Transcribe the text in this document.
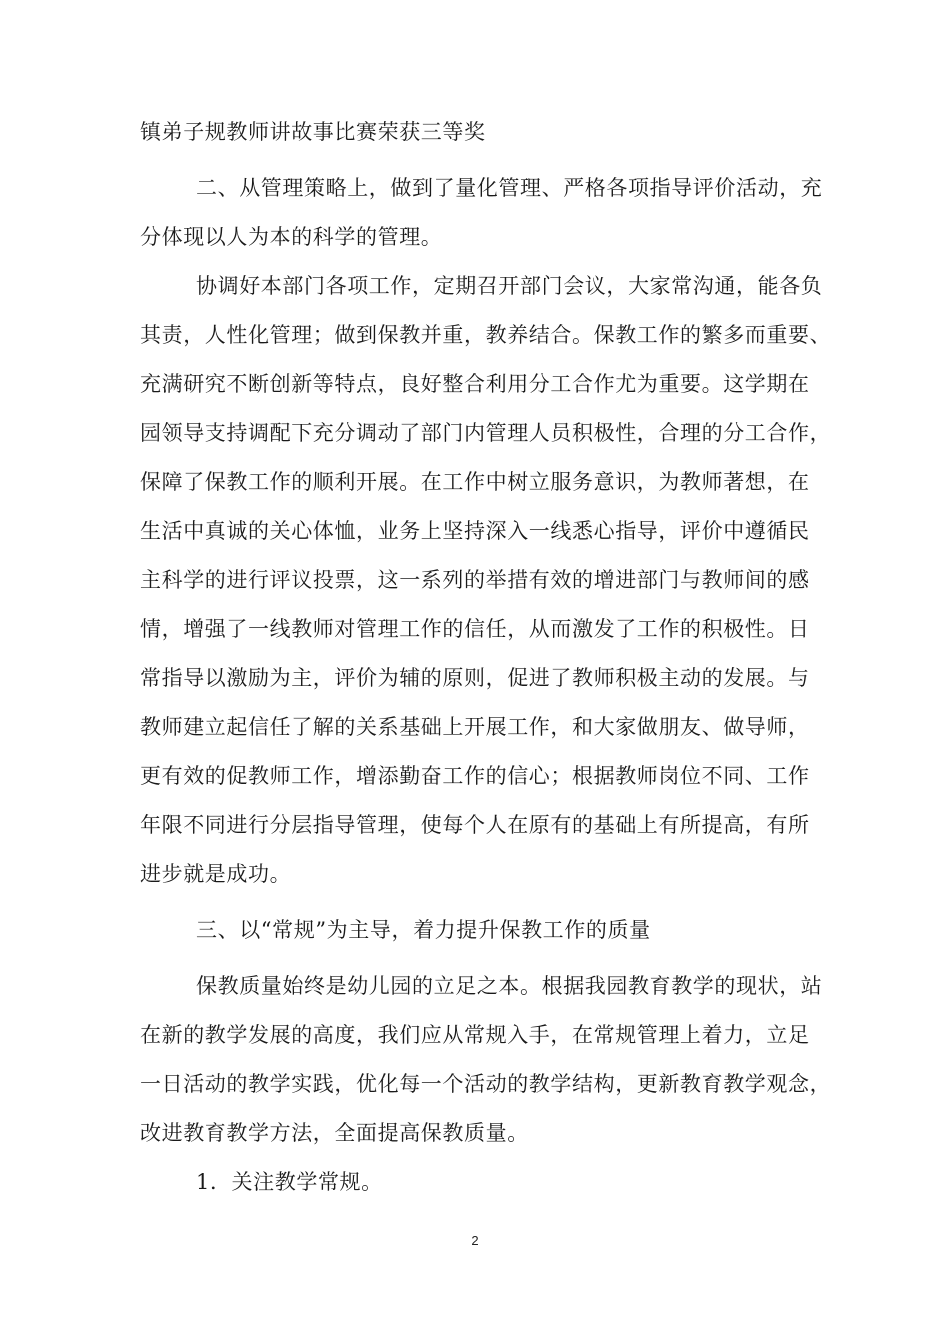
镇弟子规教师讲故事比赛荣获三等奖
二、从管理策略上，做到了量化管理、严格各项指导评价活动，充
分体现以人为本的科学的管理。
协调好本部门各项工作，定期召开部门会议，大家常沟通，能各负
其责，人性化管理；做到保教并重，教养结合。保教工作的繁多而重要、
充满研究不断创新等特点，良好整合利用分工合作尤为重要。这学期在
园领导支持调配下充分调动了部门内管理人员积极性，合理的分工合作，
保障了保教工作的顺利开展。在工作中树立服务意识，为教师著想，在
生活中真诚的关心体恤，业务上坚持深入一线悉心指导，评价中遵循民
主科学的进行评议投票，这一系列的举措有效的增进部门与教师间的感
情，增强了一线教师对管理工作的信任，从而激发了工作的积极性。日
常指导以激励为主，评价为辅的原则，促进了教师积极主动的发展。与
教师建立起信任了解的关系基础上开展工作，和大家做朋友、做导师，
更有效的促教师工作，增添勤奋工作的信心；根据教师岗位不同、工作
年限不同进行分层指导管理，使每个人在原有的基础上有所提高，有所
进步就是成功。
三、以“常规”为主导，着力提升保教工作的质量
保教质量始终是幼儿园的立足之本。根据我园教育教学的现状，站
在新的教学发展的高度，我们应从常规入手，在常规管理上着力，立足
一日活动的教学实践，优化每一个活动的教学结构，更新教育教学观念，
改进教育教学方法，全面提高保教质量。
1．关注教学常规。
2
